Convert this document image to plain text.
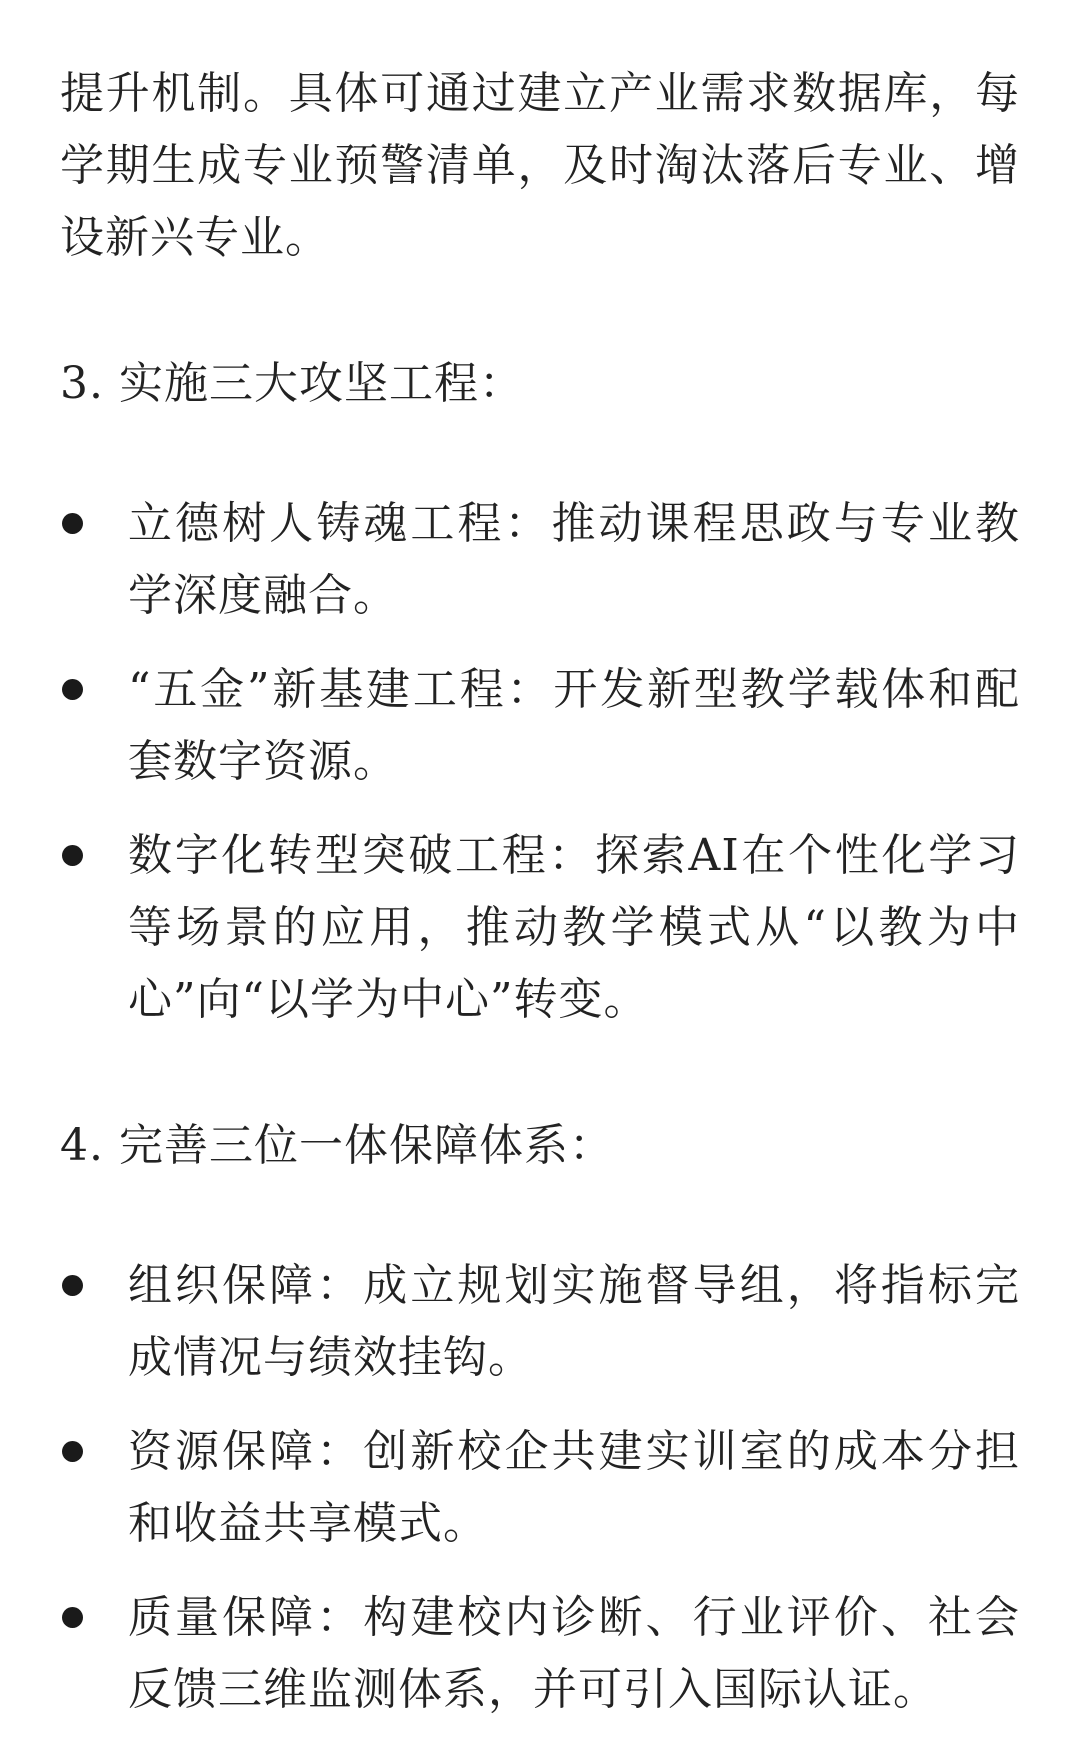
提升机制。具体可通过建立产业需求数据库，每学期生成专业预警清单，及时淘汰落后专业、增设新兴专业。

3. 实施三大攻坚工程：

立德树人铸魂工程：推动课程思政与专业教学深度融合。
“五金”新基建工程：开发新型教学载体和配套数字资源。
数字化转型突破工程：探索AI在个性化学习等场景的应用，推动教学模式从“以教为中心”向“以学为中心”转变。

4. 完善三位一体保障体系：

组织保障：成立规划实施督导组，将指标完成情况与绩效挂钩。
资源保障：创新校企共建实训室的成本分担和收益共享模式。
质量保障：构建校内诊断、行业评价、社会反馈三维监测体系，并可引入国际认证。
